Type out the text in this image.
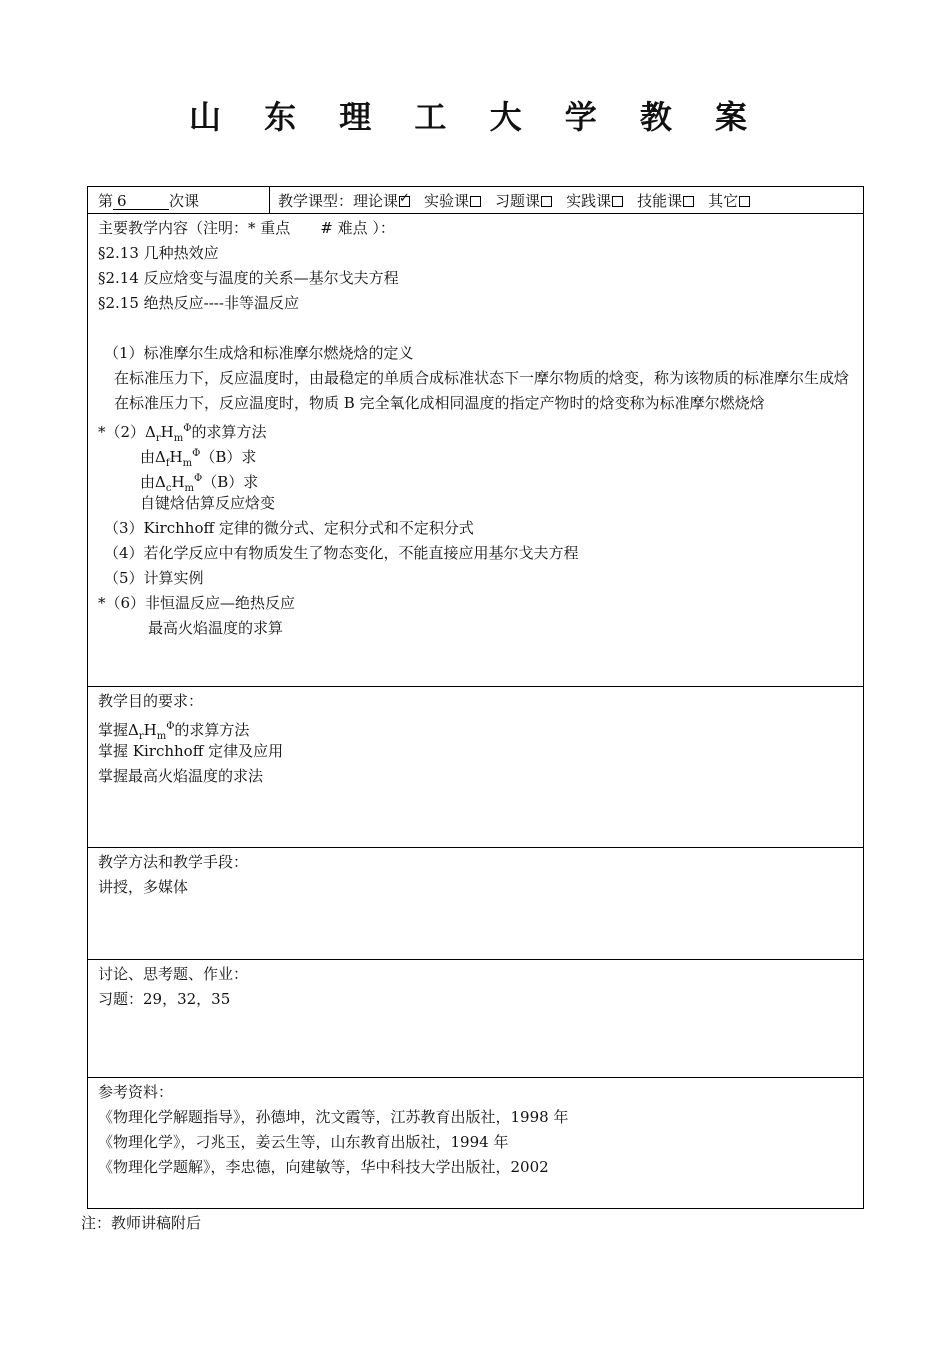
山 东 理 工 大 学 教 案
第 6	次课	教学课型：理论课✓ 实验课 习题课 实践课 技能课 其它
主要教学内容（注明：* 重点　　# 难点 ）：
§2.13 几种热效应
§2.14 反应焓变与温度的关系—基尔戈夫方程
§2.15 绝热反应----非等温反应
（1）标准摩尔生成焓和标准摩尔燃烧焓的定义
在标准压力下，反应温度时，由最稳定的单质合成标准状态下一摩尔物质的焓变，称为该物质的标准摩尔生成焓
在标准压力下，反应温度时，物质 B 完全氧化成相同温度的指定产物时的焓变称为标准摩尔燃烧焓
$*(2)\Delta_rH_m^\Phi$的求算方法
由$\Delta_fH_m^\Phi(B)$求
由$\Delta_cH_m^\Phi(B)$求
自键焓估算反应焓变
（3）Kirchhoff 定律的微分式、定积分式和不定积分式
（4）若化学反应中有物质发生了物态变化，不能直接应用基尔戈夫方程
（5）计算实例
*（6）非恒温反应—绝热反应
最高火焰温度的求算
教学目的要求：
掌握$\Delta_rH_m^\Phi$的求算方法
掌握 Kirchhoff 定律及应用
掌握最高火焰温度的求法
教学方法和教学手段：
讲授，多媒体
讨论、思考题、作业：
习题：29，32，35
参考资料：
《物理化学解题指导》，孙德坤，沈文霞等，江苏教育出版社，1998 年
《物理化学》，刁兆玉，姜云生等，山东教育出版社，1994 年
《物理化学题解》，李忠德，向建敏等，华中科技大学出版社，2002
注：教师讲稿附后
